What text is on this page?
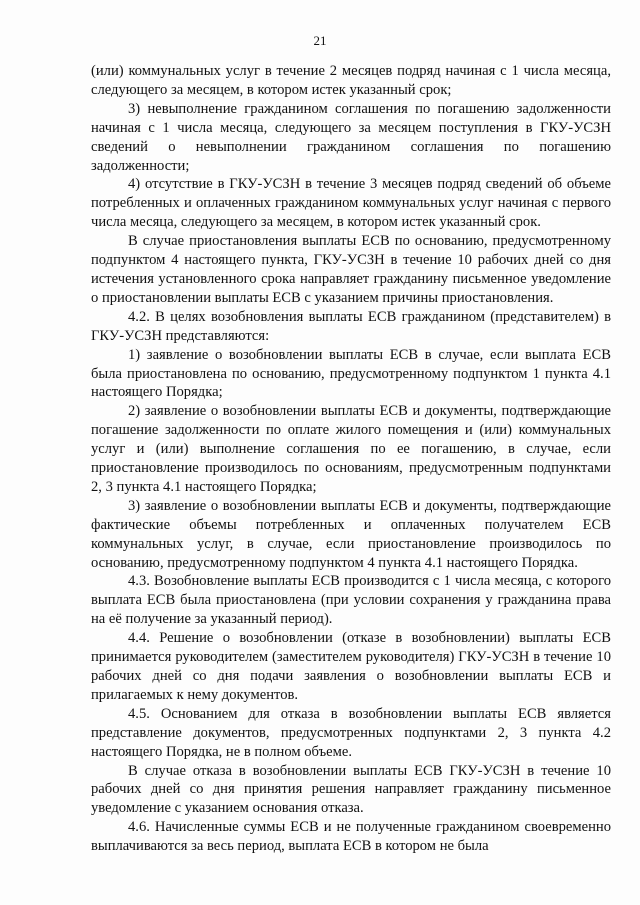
21

(или) коммунальных услуг в течение 2 месяцев подряд начиная с 1 числа месяца, следующего за месяцем, в котором истек указанный срок;

3) невыполнение гражданином соглашения по погашению задолженности начиная с 1 числа месяца, следующего за месяцем поступления в ГКУ-УСЗН сведений о невыполнении гражданином соглашения по погашению задолженности;

4) отсутствие в ГКУ-УСЗН в течение 3 месяцев подряд сведений об объеме потребленных и оплаченных гражданином коммунальных услуг начиная с первого числа месяца, следующего за месяцем, в котором истек указанный срок.

В случае приостановления выплаты ЕСВ по основанию, предусмотренному подпунктом 4 настоящего пункта, ГКУ-УСЗН в течение 10 рабочих дней со дня истечения установленного срока направляет гражданину письменное уведомление о приостановлении выплаты ЕСВ с указанием причины приостановления.

4.2. В целях возобновления выплаты ЕСВ гражданином (представителем) в ГКУ-УСЗН представляются:

1) заявление о возобновлении выплаты ЕСВ в случае, если выплата ЕСВ была приостановлена по основанию, предусмотренному подпунктом 1 пункта 4.1 настоящего Порядка;

2) заявление о возобновлении выплаты ЕСВ и документы, подтверждающие погашение задолженности по оплате жилого помещения и (или) коммунальных услуг и (или) выполнение соглашения по ее погашению, в случае, если приостановление производилось по основаниям, предусмотренным подпунктами 2, 3 пункта 4.1 настоящего Порядка;

3) заявление о возобновлении выплаты ЕСВ и документы, подтверждающие фактические объемы потребленных и оплаченных получателем ЕСВ коммунальных услуг, в случае, если приостановление производилось по основанию, предусмотренному подпунктом 4 пункта 4.1 настоящего Порядка.

4.3. Возобновление выплаты ЕСВ производится с 1 числа месяца, с которого выплата ЕСВ была приостановлена (при условии сохранения у гражданина права на её получение за указанный период).

4.4. Решение о возобновлении (отказе в возобновлении) выплаты ЕСВ принимается руководителем (заместителем руководителя) ГКУ-УСЗН в течение 10 рабочих дней со дня подачи заявления о возобновлении выплаты ЕСВ и прилагаемых к нему документов.

4.5. Основанием для отказа в возобновлении выплаты ЕСВ является представление документов, предусмотренных подпунктами 2, 3 пункта 4.2 настоящего Порядка, не в полном объеме.

В случае отказа в возобновлении выплаты ЕСВ ГКУ-УСЗН в течение 10 рабочих дней со дня принятия решения направляет гражданину письменное уведомление с указанием основания отказа.

4.6. Начисленные суммы ЕСВ и не полученные гражданином своевременно выплачиваются за весь период, выплата ЕСВ в котором не была
